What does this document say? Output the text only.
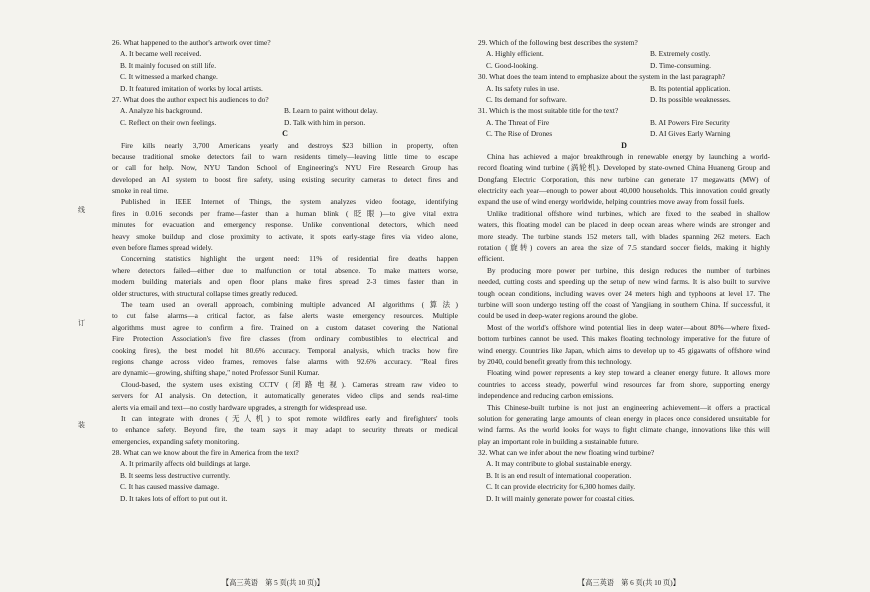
线
订
装
26. What happened to the author's artwork over time?
A. It became well received.
B. It mainly focused on still life.
C. It witnessed a marked change.
D. It featured imitation of works by local artists.
27. What does the author expect his audiences to do?
A. Analyze his background.	B. Learn to paint without delay.
C. Reflect on their own feelings.	D. Talk with him in person.
C
Fire kills nearly 3,700 Americans yearly and destroys $23 billion in property, often
because traditional smoke detectors fail to warn residents timely—leaving little time to escape
or call for help. Now, NYU Tandon School of Engineering's NYU Fire Research Group has
developed an AI system to boost fire safety, using existing security cameras to detect fires and
smoke in real time.
Published in IEEE Internet of Things, the system analyzes video footage, identifying
fires in 0.016 seconds per frame—faster than a human blink (眨眼)—to give vital extra
minutes for evacuation and emergency response. Unlike conventional detectors, which need
heavy smoke buildup and close proximity to activate, it spots early-stage fires via video alone,
even before flames spread widely.
Concerning statistics highlight the urgent need: 11% of residential fire deaths happen
where detectors failed—either due to malfunction or total absence. To make matters worse,
modern building materials and open floor plans make fires spread 2-3 times faster than in
older structures, with structural collapse times greatly reduced.
The team used an overall approach, combining multiple advanced AI algorithms (算法)
to cut false alarms—a critical factor, as false alerts waste emergency resources. Multiple
algorithms must agree to confirm a fire. Trained on a custom dataset covering the National
Fire Protection Association's five fire classes (from ordinary combustibles to electrical and
cooking fires), the best model hit 80.6% accuracy. Temporal analysis, which tracks how fire
regions change across video frames, removes false alarms with 92.6% accuracy. "Real fires
are dynamic—growing, shifting shape," noted Professor Sunil Kumar.
Cloud-based, the system uses existing CCTV (闭路电视). Cameras stream raw video to
servers for AI analysis. On detection, it automatically generates video clips and sends real-time
alerts via email and text—no costly hardware upgrades, a strength for widespread use.
It can integrate with drones (无人机) to spot remote wildfires early and firefighters' tools
to enhance safety. Beyond fire, the team says it may adapt to security threats or medical
emergencies, expanding safety monitoring.
28. What can we know about the fire in America from the text?
A. It primarily affects old buildings at large.
B. It seems less destructive currently.
C. It has caused massive damage.
D. It takes lots of effort to put out it.
29. Which of the following best describes the system?
A. Highly efficient.	B. Extremely costly.
C. Good-looking.	D. Time-consuming.
30. What does the team intend to emphasize about the system in the last paragraph?
A. Its safety rules in use.	B. Its potential application.
C. Its demand for software.	D. Its possible weaknesses.
31. Which is the most suitable title for the text?
A. The Threat of Fire	B. AI Powers Fire Security
C. The Rise of Drones	D. AI Gives Early Warning
D
China has achieved a major breakthrough in renewable energy by launching a world-
record floating wind turbine (涡轮机). Developed by state-owned China Huaneng Group and
Dongfang Electric Corporation, this new turbine can generate 17 megawatts (MW) of
electricity each year—enough to power about 40,000 households. This innovation could greatly
expand the use of wind energy worldwide, helping countries move away from fossil fuels.
Unlike traditional offshore wind turbines, which are fixed to the seabed in shallow
waters, this floating model can be placed in deep ocean areas where winds are stronger and
more steady. The turbine stands 152 meters tall, with blades spanning 262 meters. Each
rotation (旋转) covers an area the size of 7.5 standard soccer fields, making it highly
efficient.
By producing more power per turbine, this design reduces the number of turbines
needed, cutting costs and speeding up the setup of new wind farms. It is also built to survive
tough ocean conditions, including waves over 24 meters high and typhoons at level 17. The
turbine will soon undergo testing off the coast of Yangjiang in southern China. If successful, it
could be used in deep-water regions around the globe.
Most of the world's offshore wind potential lies in deep water—about 80%—where fixed-
bottom turbines cannot be used. This makes floating technology imperative for the future of
wind energy. Countries like Japan, which aims to develop up to 45 gigawatts of offshore wind
by 2040, could benefit greatly from this technology.
Floating wind power represents a key step toward a cleaner energy future. It allows more
countries to access steady, powerful wind resources far from shore, supporting energy
independence and reducing carbon emissions.
This Chinese-built turbine is not just an engineering achievement—it offers a practical
solution for generating large amounts of clean energy in places once considered unsuitable for
wind farms. As the world looks for ways to fight climate change, innovations like this will
play an important role in building a sustainable future.
32. What can we infer about the new floating wind turbine?
A. It may contribute to global sustainable energy.
B. It is an end result of international cooperation.
C. It can provide electricity for 6,300 homes daily.
D. It will mainly generate power for coastal cities.
【高三英语　第 5 页(共 10 页)】	【高三英语　第 6 页(共 10 页)】
